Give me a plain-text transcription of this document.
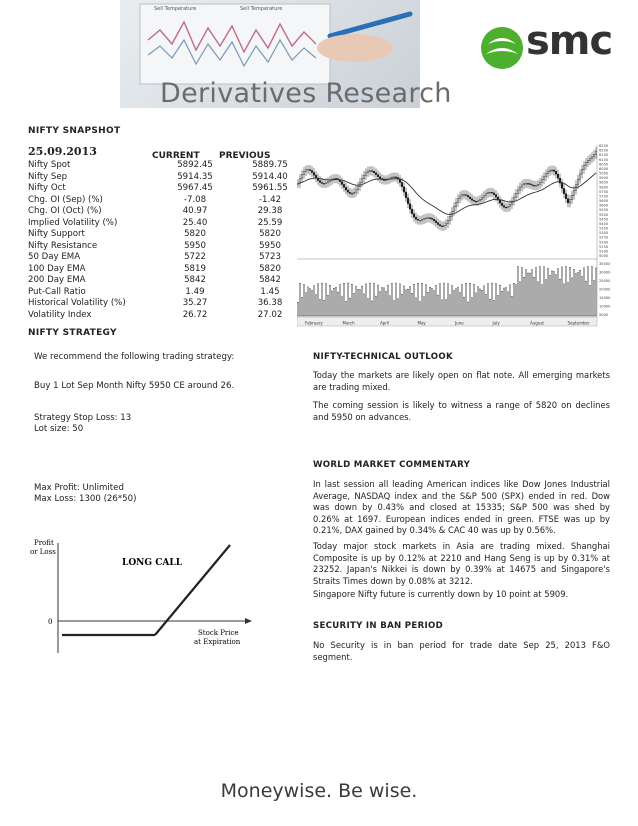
Sell Temperature	Sell Temperature
Derivatives Research
smc
NIFTY SNAPSHOT
25.09.2013	CURRENT PREVIOUS
Nifty Spot	5892.45	5889.75
Nifty Sep	5914.35	5914.40
Nifty Oct	5967.45	5961.55
Chg. OI (Sep) (%)	-7.08	-1.42
Chg. OI (Oct) (%)	40.97	29.38
Implied Volatility (%)	25.40	25.59
Nifty Support	5820	5820
Nifty Resistance	5950	5950
50 Day EMA	5722	5723
100 Day EMA	5819	5820
200 Day EMA	5842	5842
Put-Call Ratio	1.49	1.45
Historical Volatility (%)	35.27	36.38
Volatility Index	26.72	27.02
6250
6200
6150
6100
6050
6000
5950
5900
5850
5800
5750
5700
5650
5600
5550
5500
5450
5400
5350
5300
5250
5200
5150
5100
5050
35000
30000
25000
20000
15000
10000
5000
February	March	April	May	June	July	August	September
NIFTY STRATEGY
We recommend the following trading strategy:
Buy 1 Lot Sep Month Nifty 5950 CE around 26.
Strategy Stop Loss: 13
Lot size: 50
Max Profit: Unlimited
Max Loss: 1300 (26*50)
Profit
or Loss
LONG CALL
0
Stock Price
at Expiration
NIFTY-TECHNICAL OUTLOOK
Today the markets are likely open on flat note. All emerging markets are trading mixed.
The coming session is likely to witness a range of 5820 on declines and 5950 on advances.
WORLD MARKET COMMENTARY
In last session all leading American indices like Dow Jones Industrial Average, NASDAQ index and the S&P 500 (SPX) ended in red. Dow was down by 0.43% and closed at 15335; S&P 500 was shed by 0.26% at 1697. European indices ended in green. FTSE was up by 0.21%, DAX gained by 0.34% & CAC 40 was up by 0.56%.
Today major stock markets in Asia are trading mixed. Shanghai Composite is up by 0.12% at 2210 and Hang Seng is up by 0.31% at 23252. Japan's Nikkei is down by 0.39% at 14675 and Singapore's Straits Times down by 0.08% at 3212.
Singapore Nifty future is currently down by 10 point at 5909.
SECURITY IN BAN PERIOD
No Security is in ban period for trade date Sep 25, 2013 F&O segment.
Moneywise. Be wise.
